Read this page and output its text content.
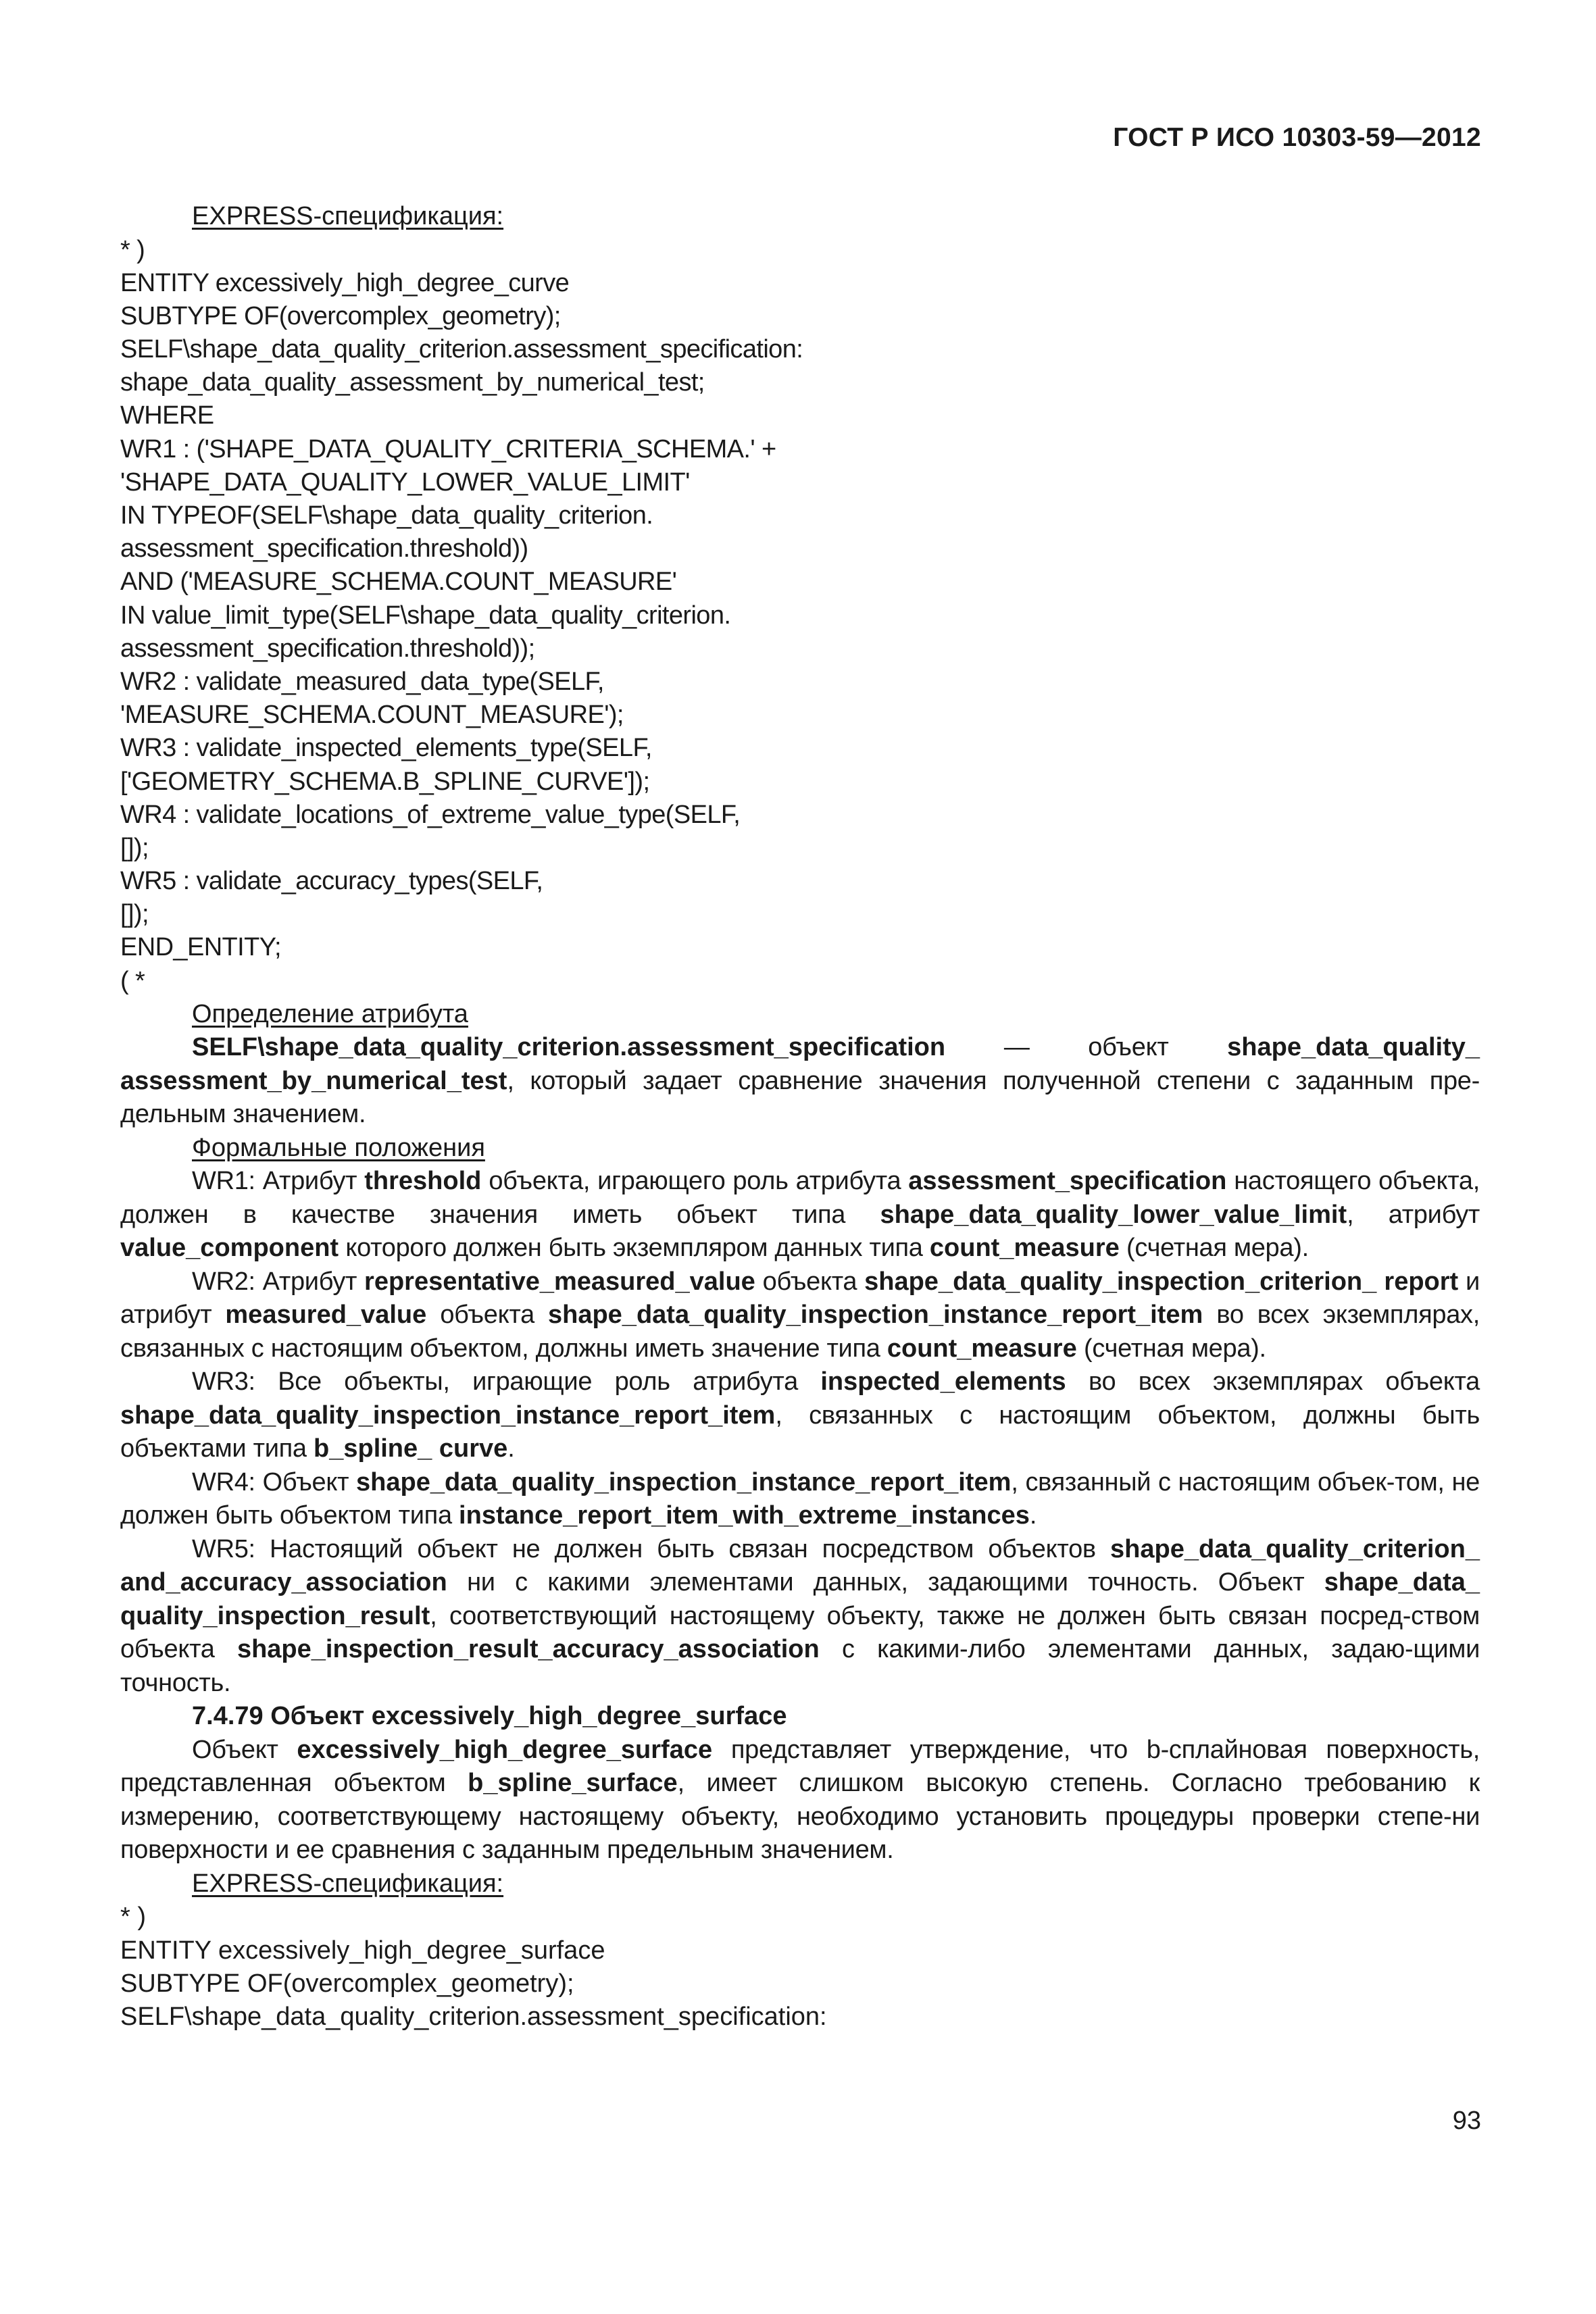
ГОСТ Р ИСО 10303-59—2012
EXPRESS-спецификация:
* )
ENTITY excessively_high_degree_curve
SUBTYPE OF(overcomplex_geometry);
SELF\shape_data_quality_criterion.assessment_specification:
shape_data_quality_assessment_by_numerical_test;
WHERE
WR1 : ('SHAPE_DATA_QUALITY_CRITERIA_SCHEMA.' +
'SHAPE_DATA_QUALITY_LOWER_VALUE_LIMIT'
IN TYPEOF(SELF\shape_data_quality_criterion.
assessment_specification.threshold))
AND ('MEASURE_SCHEMA.COUNT_MEASURE'
IN value_limit_type(SELF\shape_data_quality_criterion.
assessment_specification.threshold));
WR2 : validate_measured_data_type(SELF,
'MEASURE_SCHEMA.COUNT_MEASURE');
WR3 : validate_inspected_elements_type(SELF,
['GEOMETRY_SCHEMA.B_SPLINE_CURVE']);
WR4 : validate_locations_of_extreme_value_type(SELF,
[]);
WR5 : validate_accuracy_types(SELF,
[]);
END_ENTITY;
( *
Определение атрибута

SELF\shape_data_quality_criterion.assessment_specification — объект shape_data_quality_ assessment_by_numerical_test, который задает сравнение значения полученной степени с заданным пре-дельным значением.

Формальные положения

WR1: Атрибут threshold объекта, играющего роль атрибута assessment_specification настоящего объекта, должен в качестве значения иметь объект типа shape_data_quality_lower_value_limit, атрибут value_component которого должен быть экземпляром данных типа count_measure (счетная мера).

WR2: Атрибут representative_measured_value объекта shape_data_quality_inspection_criterion_ report и атрибут measured_value объекта shape_data_quality_inspection_instance_report_item во всех экземплярах, связанных с настоящим объектом, должны иметь значение типа count_measure (счетная мера).

WR3: Все объекты, играющие роль атрибута inspected_elements во всех экземплярах объекта shape_data_quality_inspection_instance_report_item, связанных с настоящим объектом, должны быть объектами типа b_spline_ curve.

WR4: Объект shape_data_quality_inspection_instance_report_item, связанный с настоящим объек-том, не должен быть объектом типа instance_report_item_with_extreme_instances.

WR5: Настоящий объект не должен быть связан посредством объектов shape_data_quality_criterion_ and_accuracy_association ни с какими элементами данных, задающими точность. Объект shape_data_ quality_inspection_result, соответствующий настоящему объекту, также не должен быть связан посред-ством объекта shape_inspection_result_accuracy_association с какими-либо элементами данных, задаю-щими точность.

7.4.79 Объект excessively_high_degree_surface

Объект excessively_high_degree_surface представляет утверждение, что b-сплайновая поверхность, представленная объектом b_spline_surface, имеет слишком высокую степень. Согласно требованию к измерению, соответствующему настоящему объекту, необходимо установить процедуры проверки степе-ни поверхности и ее сравнения с заданным предельным значением.

EXPRESS-спецификация:
* )
ENTITY excessively_high_degree_surface
SUBTYPE OF(overcomplex_geometry);
SELF\shape_data_quality_criterion.assessment_specification:
93
